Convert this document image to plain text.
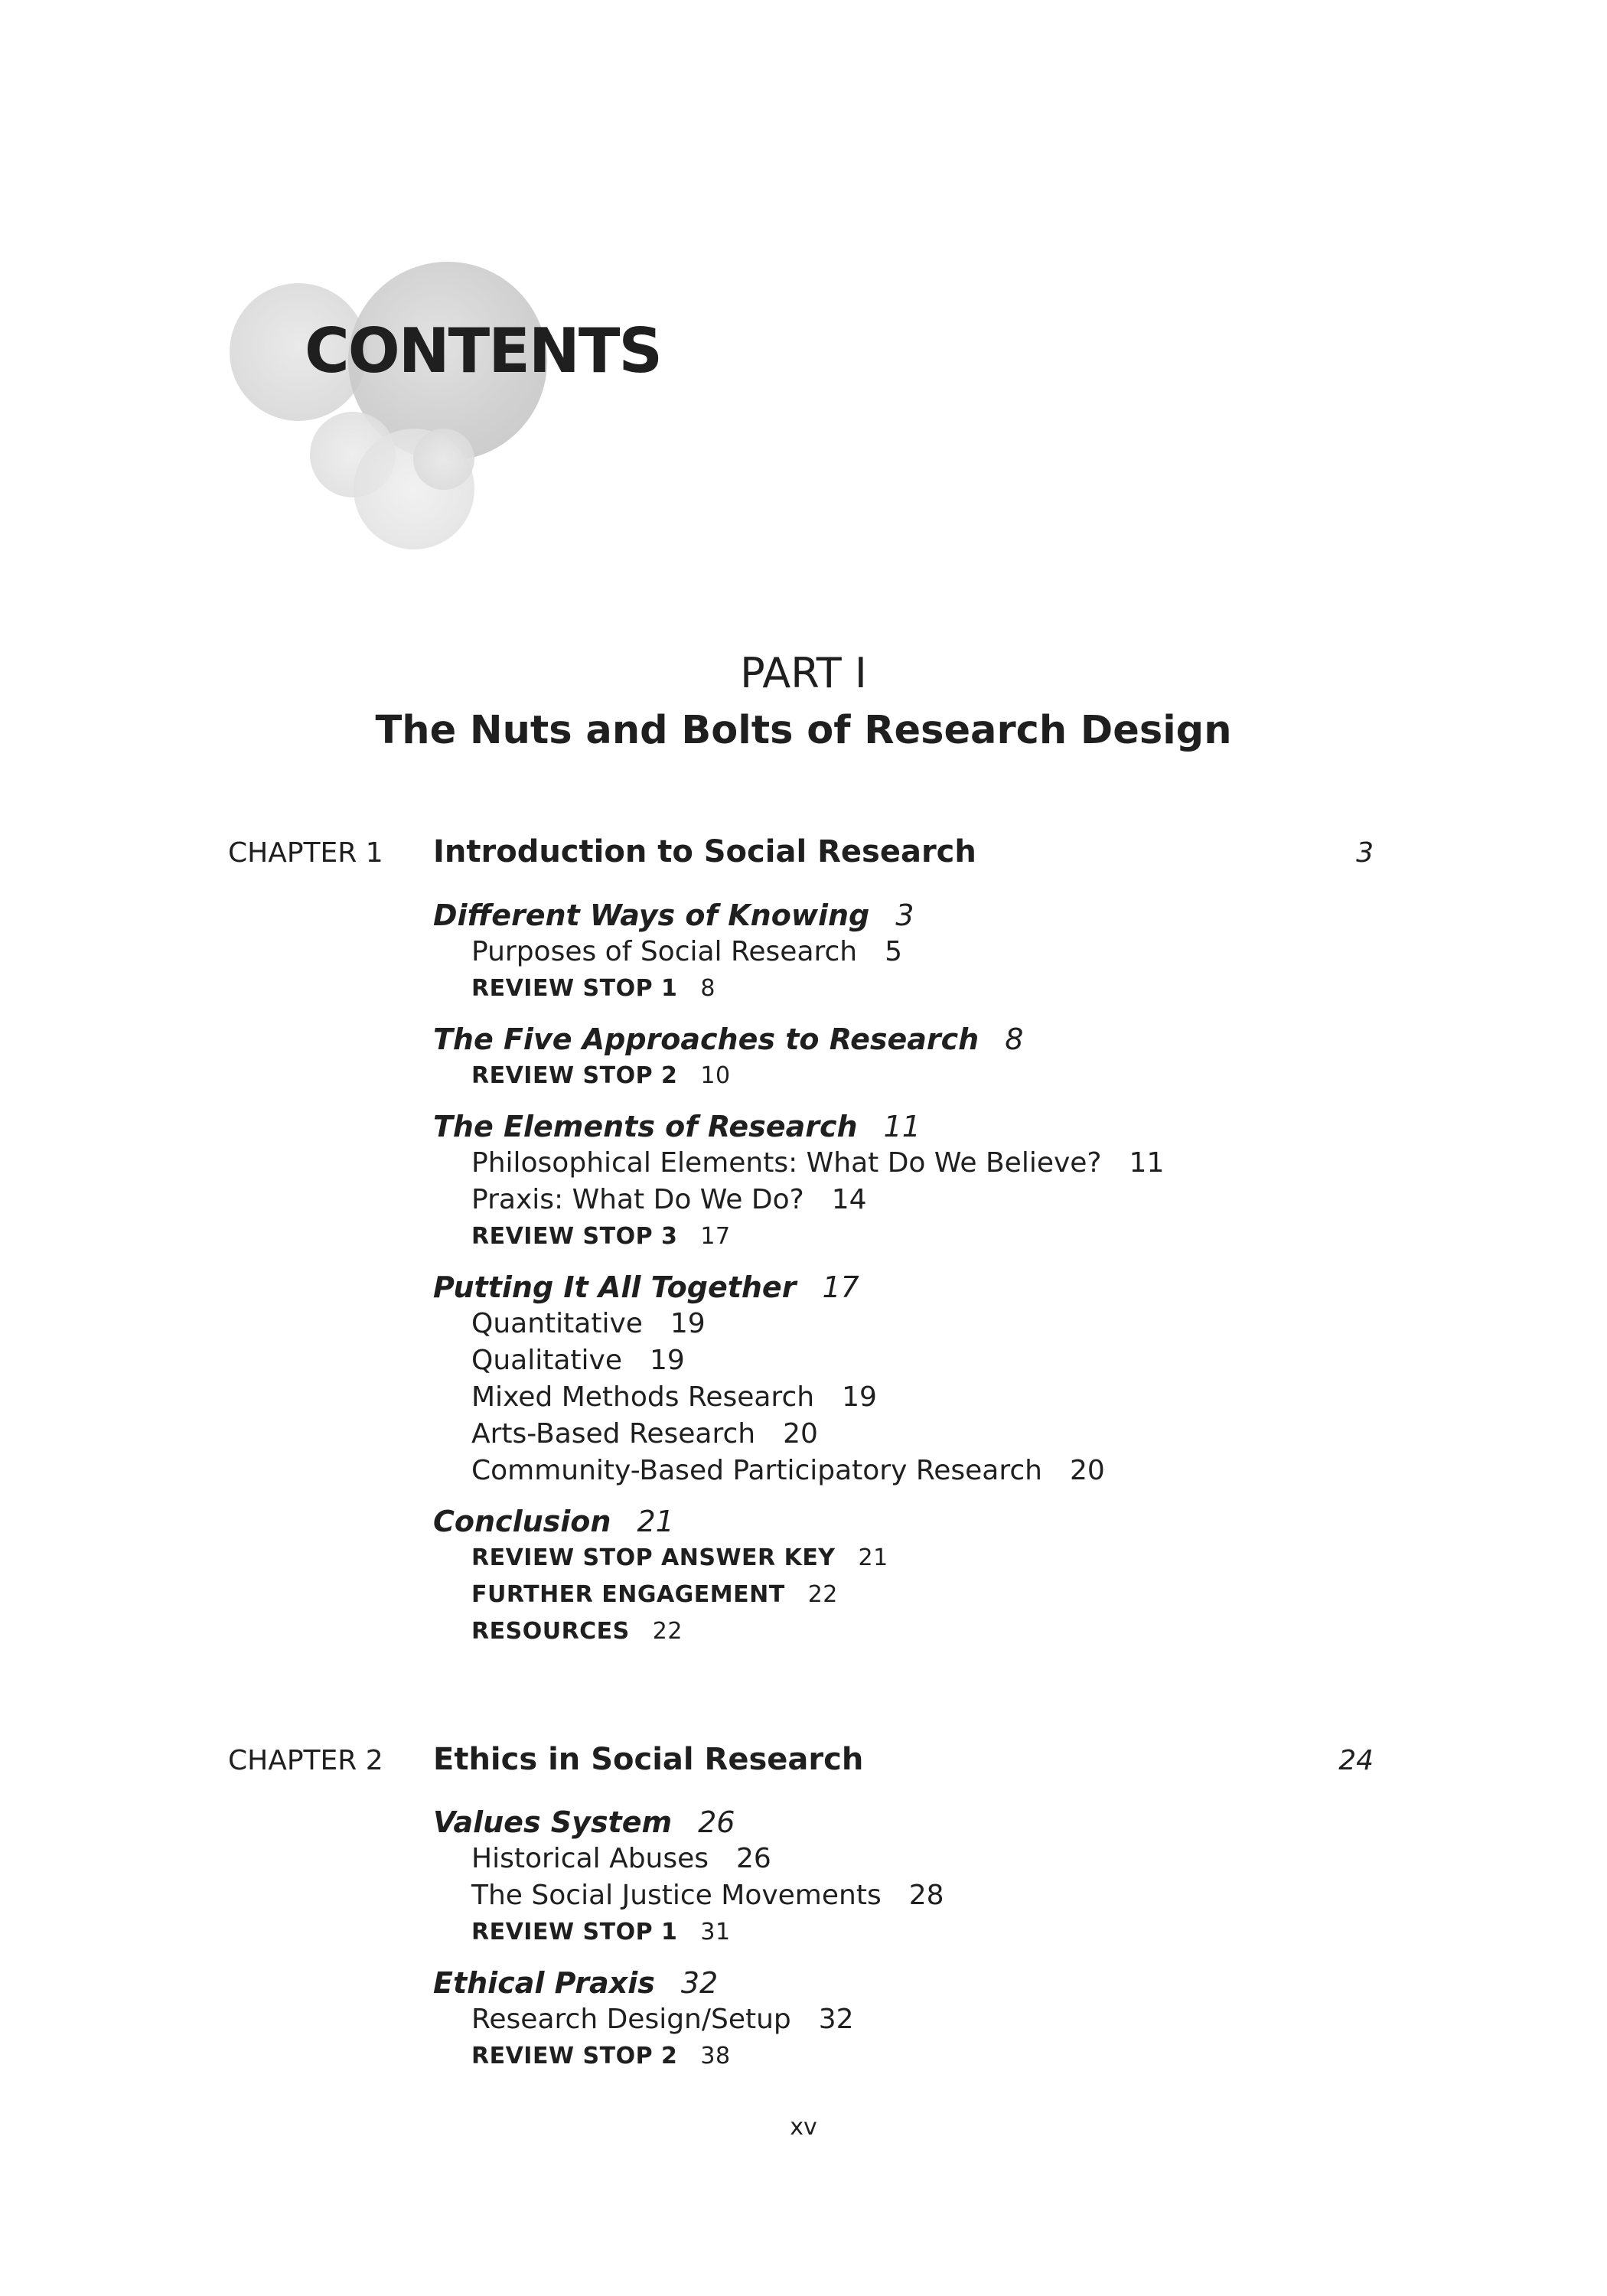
CONTENTS
PART I
The Nuts and Bolts of Research Design
CHAPTER 1 Introduction to Social Research	3
Different Ways of Knowing 3
Purposes of Social Research 5
REVIEW STOP 1 8
The Five Approaches to Research 8
REVIEW STOP 2 10
The Elements of Research 11
Philosophical Elements: What Do We Believe? 11
Praxis: What Do We Do? 14
REVIEW STOP 3 17
Putting It All Together 17
Quantitative 19
Qualitative 19
Mixed Methods Research 19
Arts-Based Research 20
Community-Based Participatory Research 20
Conclusion 21
REVIEW STOP ANSWER KEY 21
FURTHER ENGAGEMENT 22
RESOURCES 22
CHAPTER 2 Ethics in Social Research	24
Values System 26
Historical Abuses 26
The Social Justice Movements 28
REVIEW STOP 1 31
Ethical Praxis 32
Research Design/Setup 32
REVIEW STOP 2 38
xv
